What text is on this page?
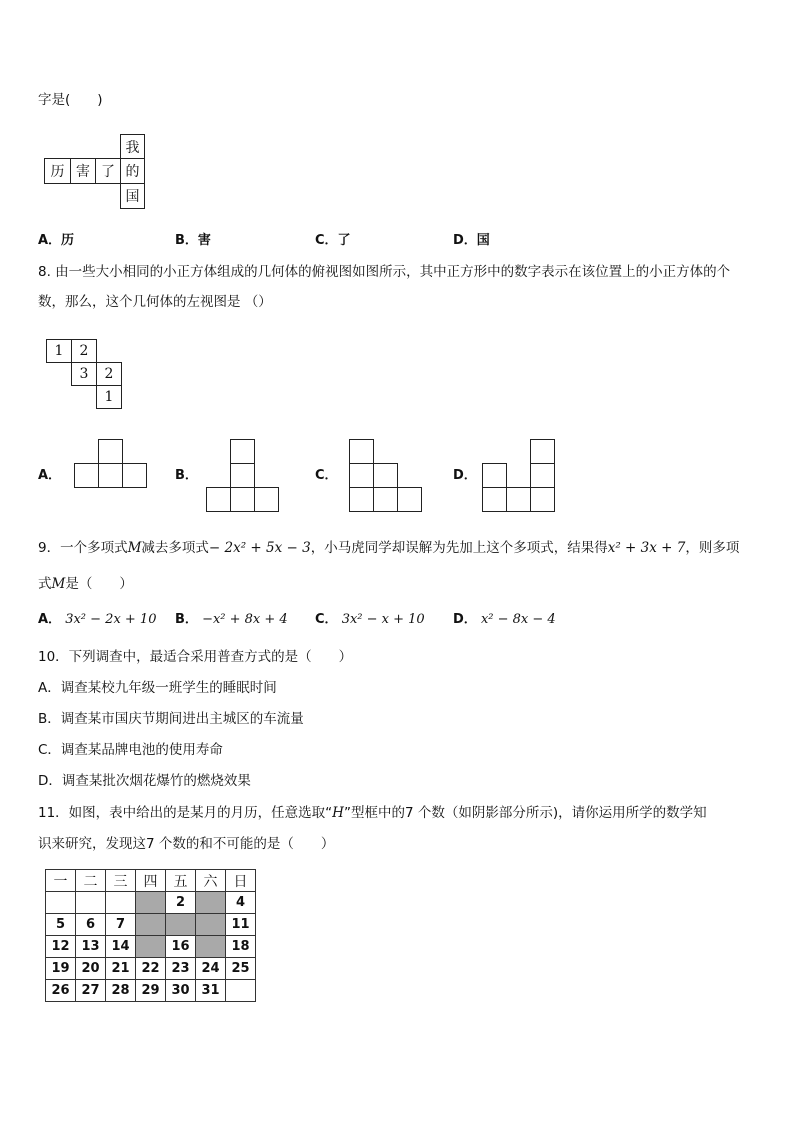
字是(　　)
我
历 害 了 的
国
A．历	B．害	C．了	D．国
8. 由一些大小相同的小正方体组成的几何体的俯视图如图所示，其中正方形中的数字表示在该位置上的小正方体的个
数，那么，这个几何体的左视图是 （）
1	2
3	2
1
A．	B．	C．	D．
9．一个多项式M减去多项式− 2x² + 5x − 3，小马虎同学却误解为先加上这个多项式，结果得x² + 3x + 7，则多项
式M是（　　）
A． 3x² − 2x + 10 B． −x² + 8x + 4 C． 3x² − x + 10 D． x² − 8x − 4
10．下列调查中，最适合采用普查方式的是（　　）
A．调查某校九年级一班学生的睡眠时间
B．调查某市国庆节期间进出主城区的车流量
C．调查某品牌电池的使用寿命
D．调查某批次烟花爆竹的燃烧效果
11．如图，表中给出的是某月的月历，任意选取“H”型框中的7 个数（如阴影部分所示)，请你运用所学的数学知
识来研究，发现这7 个数的和不可能的是（　　）
一	二	三	四	五	六	日
				2		4
5	6	7				11
12	13	14		16		18
19	20	21	22	23	24	25
26	27	28	29	30	31	
